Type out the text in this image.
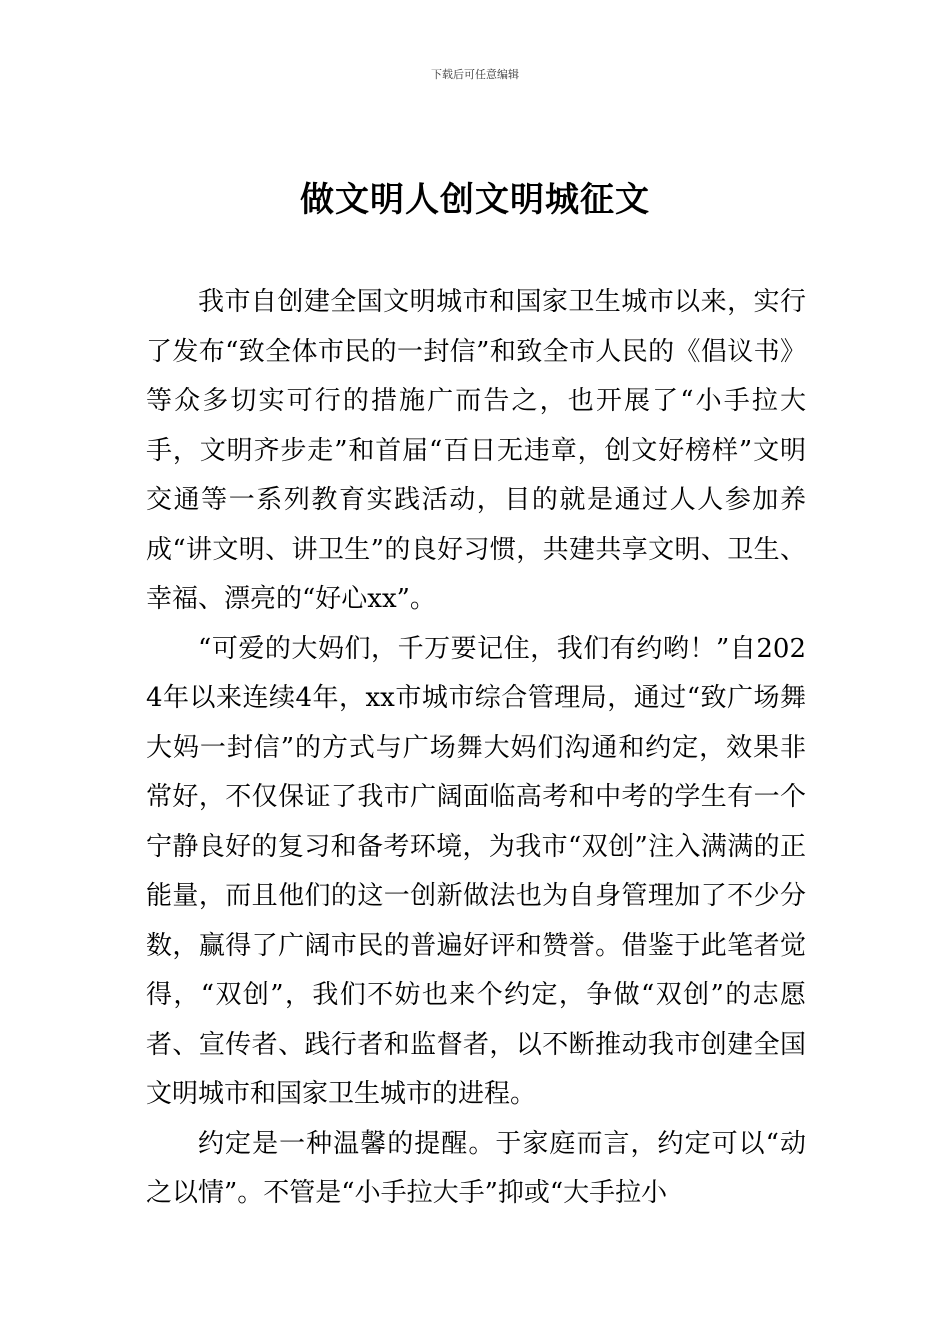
下载后可任意编辑
做文明人创文明城征文

我市自创建全国文明城市和国家卫生城市以来，实行了发布“致全体市民的一封信”和致全市人民的《倡议书》等众多切实可行的措施广而告之，也开展了“小手拉大手，文明齐步走”和首届“百日无违章，创文好榜样”文明交通等一系列教育实践活动，目的就是通过人人参加养成“讲文明、讲卫生”的良好习惯，共建共享文明、卫生、幸福、漂亮的“好心xx”。

“可爱的大妈们，千万要记住，我们有约哟！”自2024年以来连续4年，xx市城市综合管理局，通过“致广场舞大妈一封信”的方式与广场舞大妈们沟通和约定，效果非常好，不仅保证了我市广阔面临高考和中考的学生有一个宁静良好的复习和备考环境，为我市“双创”注入满满的正能量，而且他们的这一创新做法也为自身管理加了不少分数，赢得了广阔市民的普遍好评和赞誉。借鉴于此笔者觉得，“双创”，我们不妨也来个约定，争做“双创”的志愿者、宣传者、践行者和监督者，以不断推动我市创建全国文明城市和国家卫生城市的进程。

约定是一种温馨的提醒。于家庭而言，约定可以“动之以情”。不管是“小手拉大手”抑或“大手拉小
